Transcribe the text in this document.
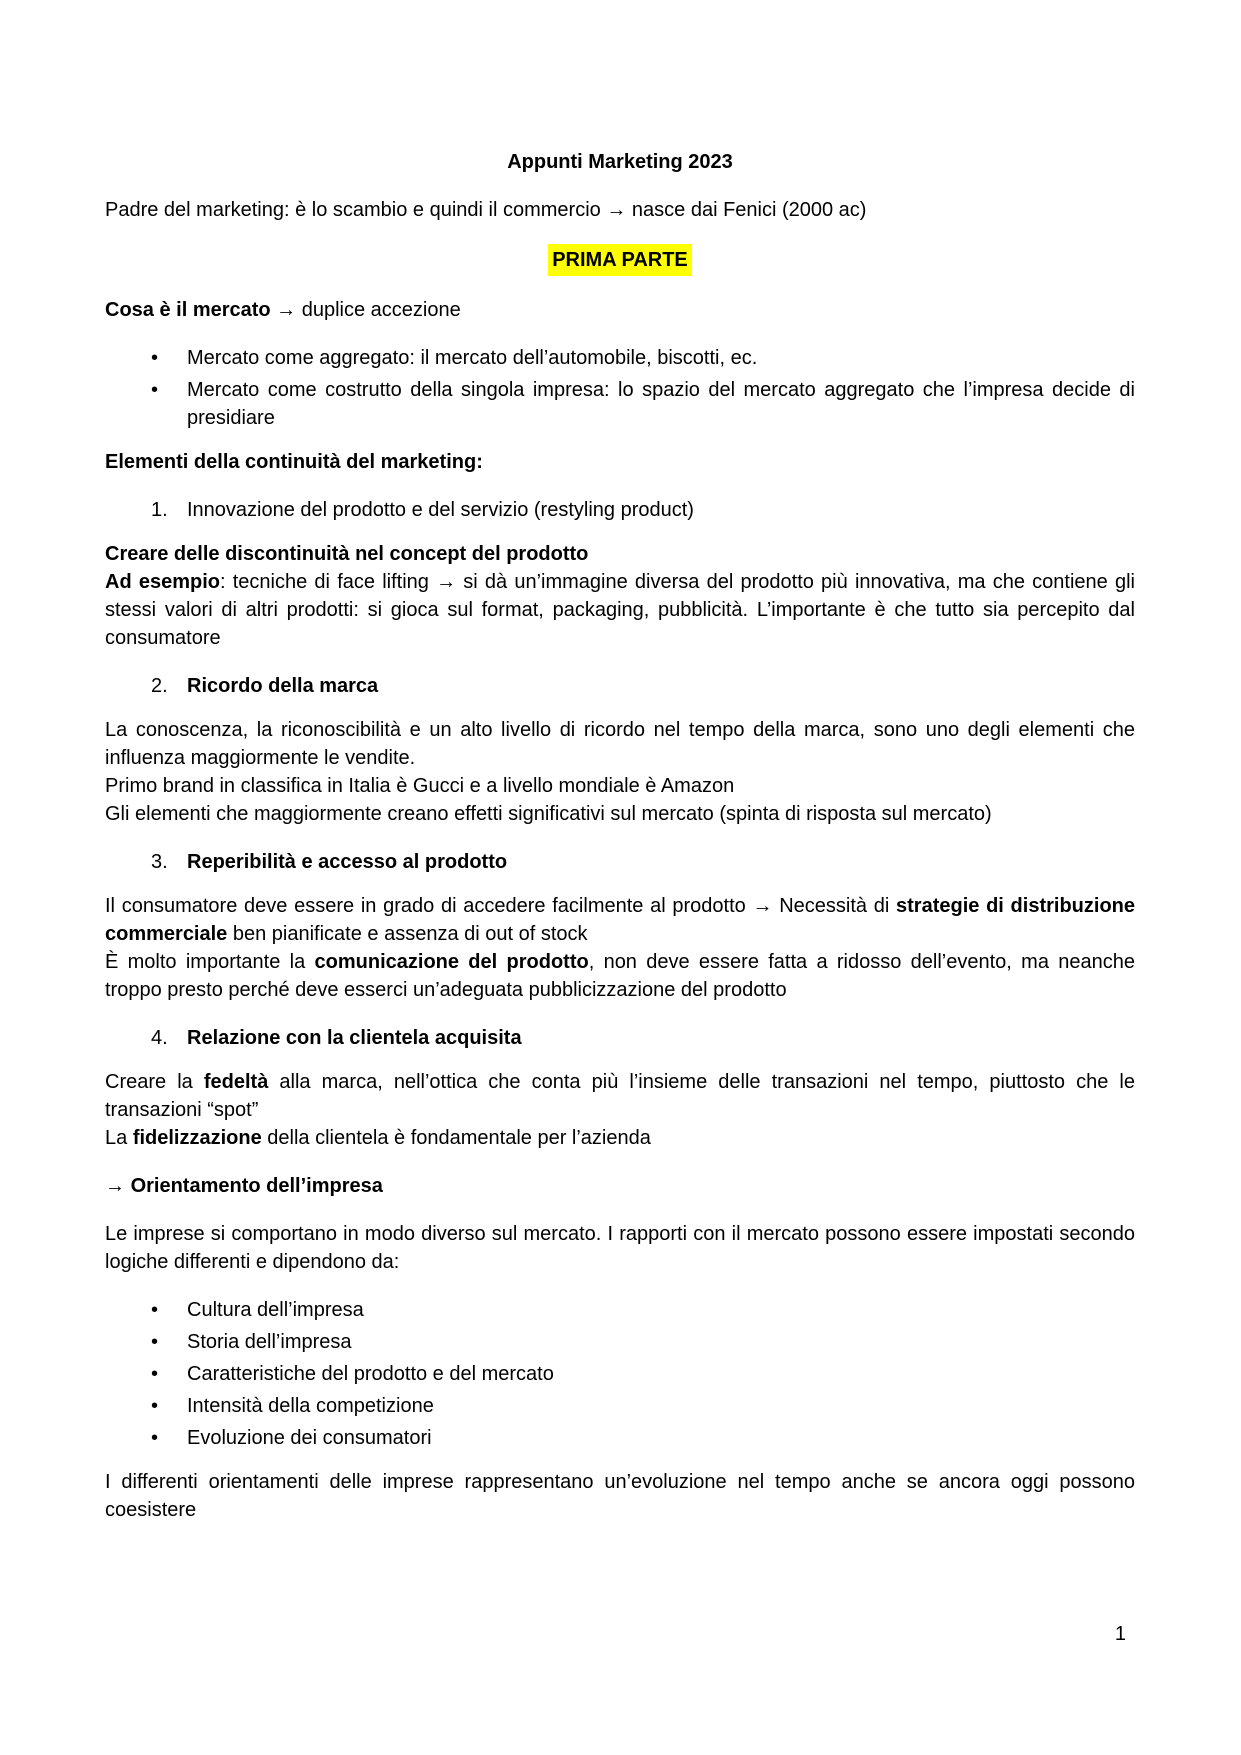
Appunti Marketing 2023

Padre del marketing: è lo scambio e quindi il commercio → nasce dai Fenici (2000 ac)

PRIMA PARTE

Cosa è il mercato → duplice accezione

•	Mercato come aggregato: il mercato dell’automobile, biscotti, ec.
•	Mercato come costrutto della singola impresa: lo spazio del mercato aggregato che l’impresa decide di presidiare

Elementi della continuità del marketing:

1. Innovazione del prodotto e del servizio (restyling product)

Creare delle discontinuità nel concept del prodotto
Ad esempio: tecniche di face lifting → si dà un’immagine diversa del prodotto più innovativa, ma che contiene gli stessi valori di altri prodotti: si gioca sul format, packaging, pubblicità. L’importante è che tutto sia percepito dal consumatore

2. Ricordo della marca

La conoscenza, la riconoscibilità e un alto livello di ricordo nel tempo della marca, sono uno degli elementi che influenza maggiormente le vendite.
Primo brand in classifica in Italia è Gucci e a livello mondiale è Amazon
Gli elementi che maggiormente creano effetti significativi sul mercato (spinta di risposta sul mercato)

3. Reperibilità e accesso al prodotto

Il consumatore deve essere in grado di accedere facilmente al prodotto → Necessità di strategie di distribuzione commerciale ben pianificate e assenza di out of stock
È molto importante la comunicazione del prodotto, non deve essere fatta a ridosso dell’evento, ma neanche troppo presto perché deve esserci un’adeguata pubblicizzazione del prodotto

4. Relazione con la clientela acquisita

Creare la fedeltà alla marca, nell’ottica che conta più l’insieme delle transazioni nel tempo, piuttosto che le transazioni “spot”
La fidelizzazione della clientela è fondamentale per l’azienda

→ Orientamento dell’impresa

Le imprese si comportano in modo diverso sul mercato. I rapporti con il mercato possono essere impostati secondo logiche differenti e dipendono da:

•	Cultura dell’impresa
•	Storia dell’impresa
•	Caratteristiche del prodotto e del mercato
•	Intensità della competizione
•	Evoluzione dei consumatori

I differenti orientamenti delle imprese rappresentano un’evoluzione nel tempo anche se ancora oggi possono coesistere

1
